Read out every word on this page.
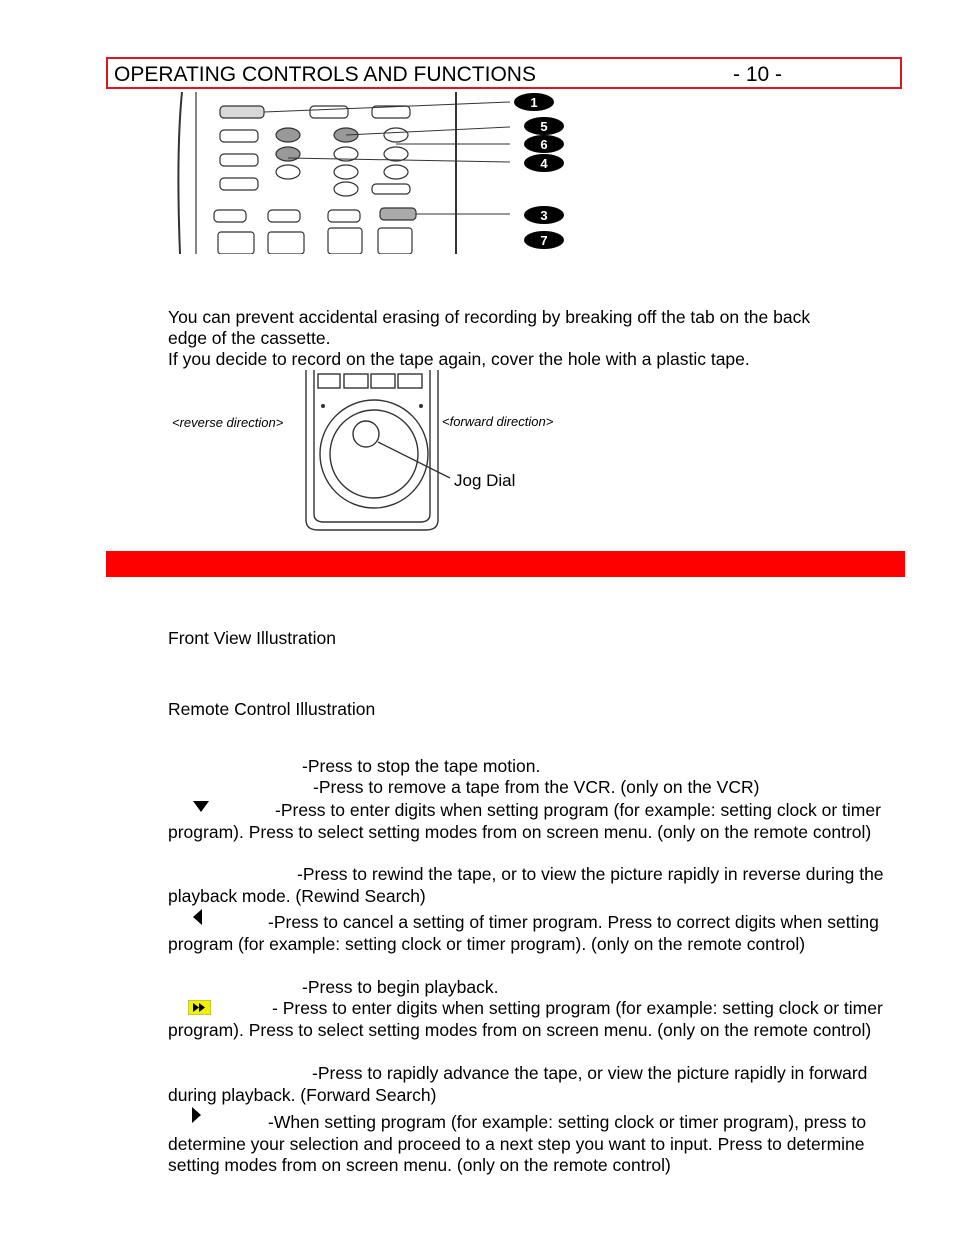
OPERATING CONTROLS AND FUNCTIONS	- 10 -
1
5
6
4
3
7
You can prevent accidental erasing of recording by breaking off the tab on the back
edge of the cassette.
If you decide to record on the tape again, cover the hole with a plastic tape.
<reverse direction>	<forward direction>
Jog Dial
Front View Illustration
Remote Control Illustration
-Press to stop the tape motion.
-Press to remove a tape from the VCR. (only on the VCR)
-Press to enter digits when setting program (for example: setting clock or timer program). Press to select setting modes from on screen menu. (only on the remote control)
-Press to rewind the tape, or to view the picture rapidly in reverse during the playback mode. (Rewind Search)
-Press to cancel a setting of timer program. Press to correct digits when setting program (for example: setting clock or timer program). (only on the remote control)
-Press to begin playback.
- Press to enter digits when setting program (for example: setting clock or timer program). Press to select setting modes from on screen menu. (only on the remote control)
-Press to rapidly advance the tape, or view the picture rapidly in forward during playback. (Forward Search)
-When setting program (for example: setting clock or timer program), press to determine your selection and proceed to a next step you want to input. Press to determine setting modes from on screen menu. (only on the remote control)
